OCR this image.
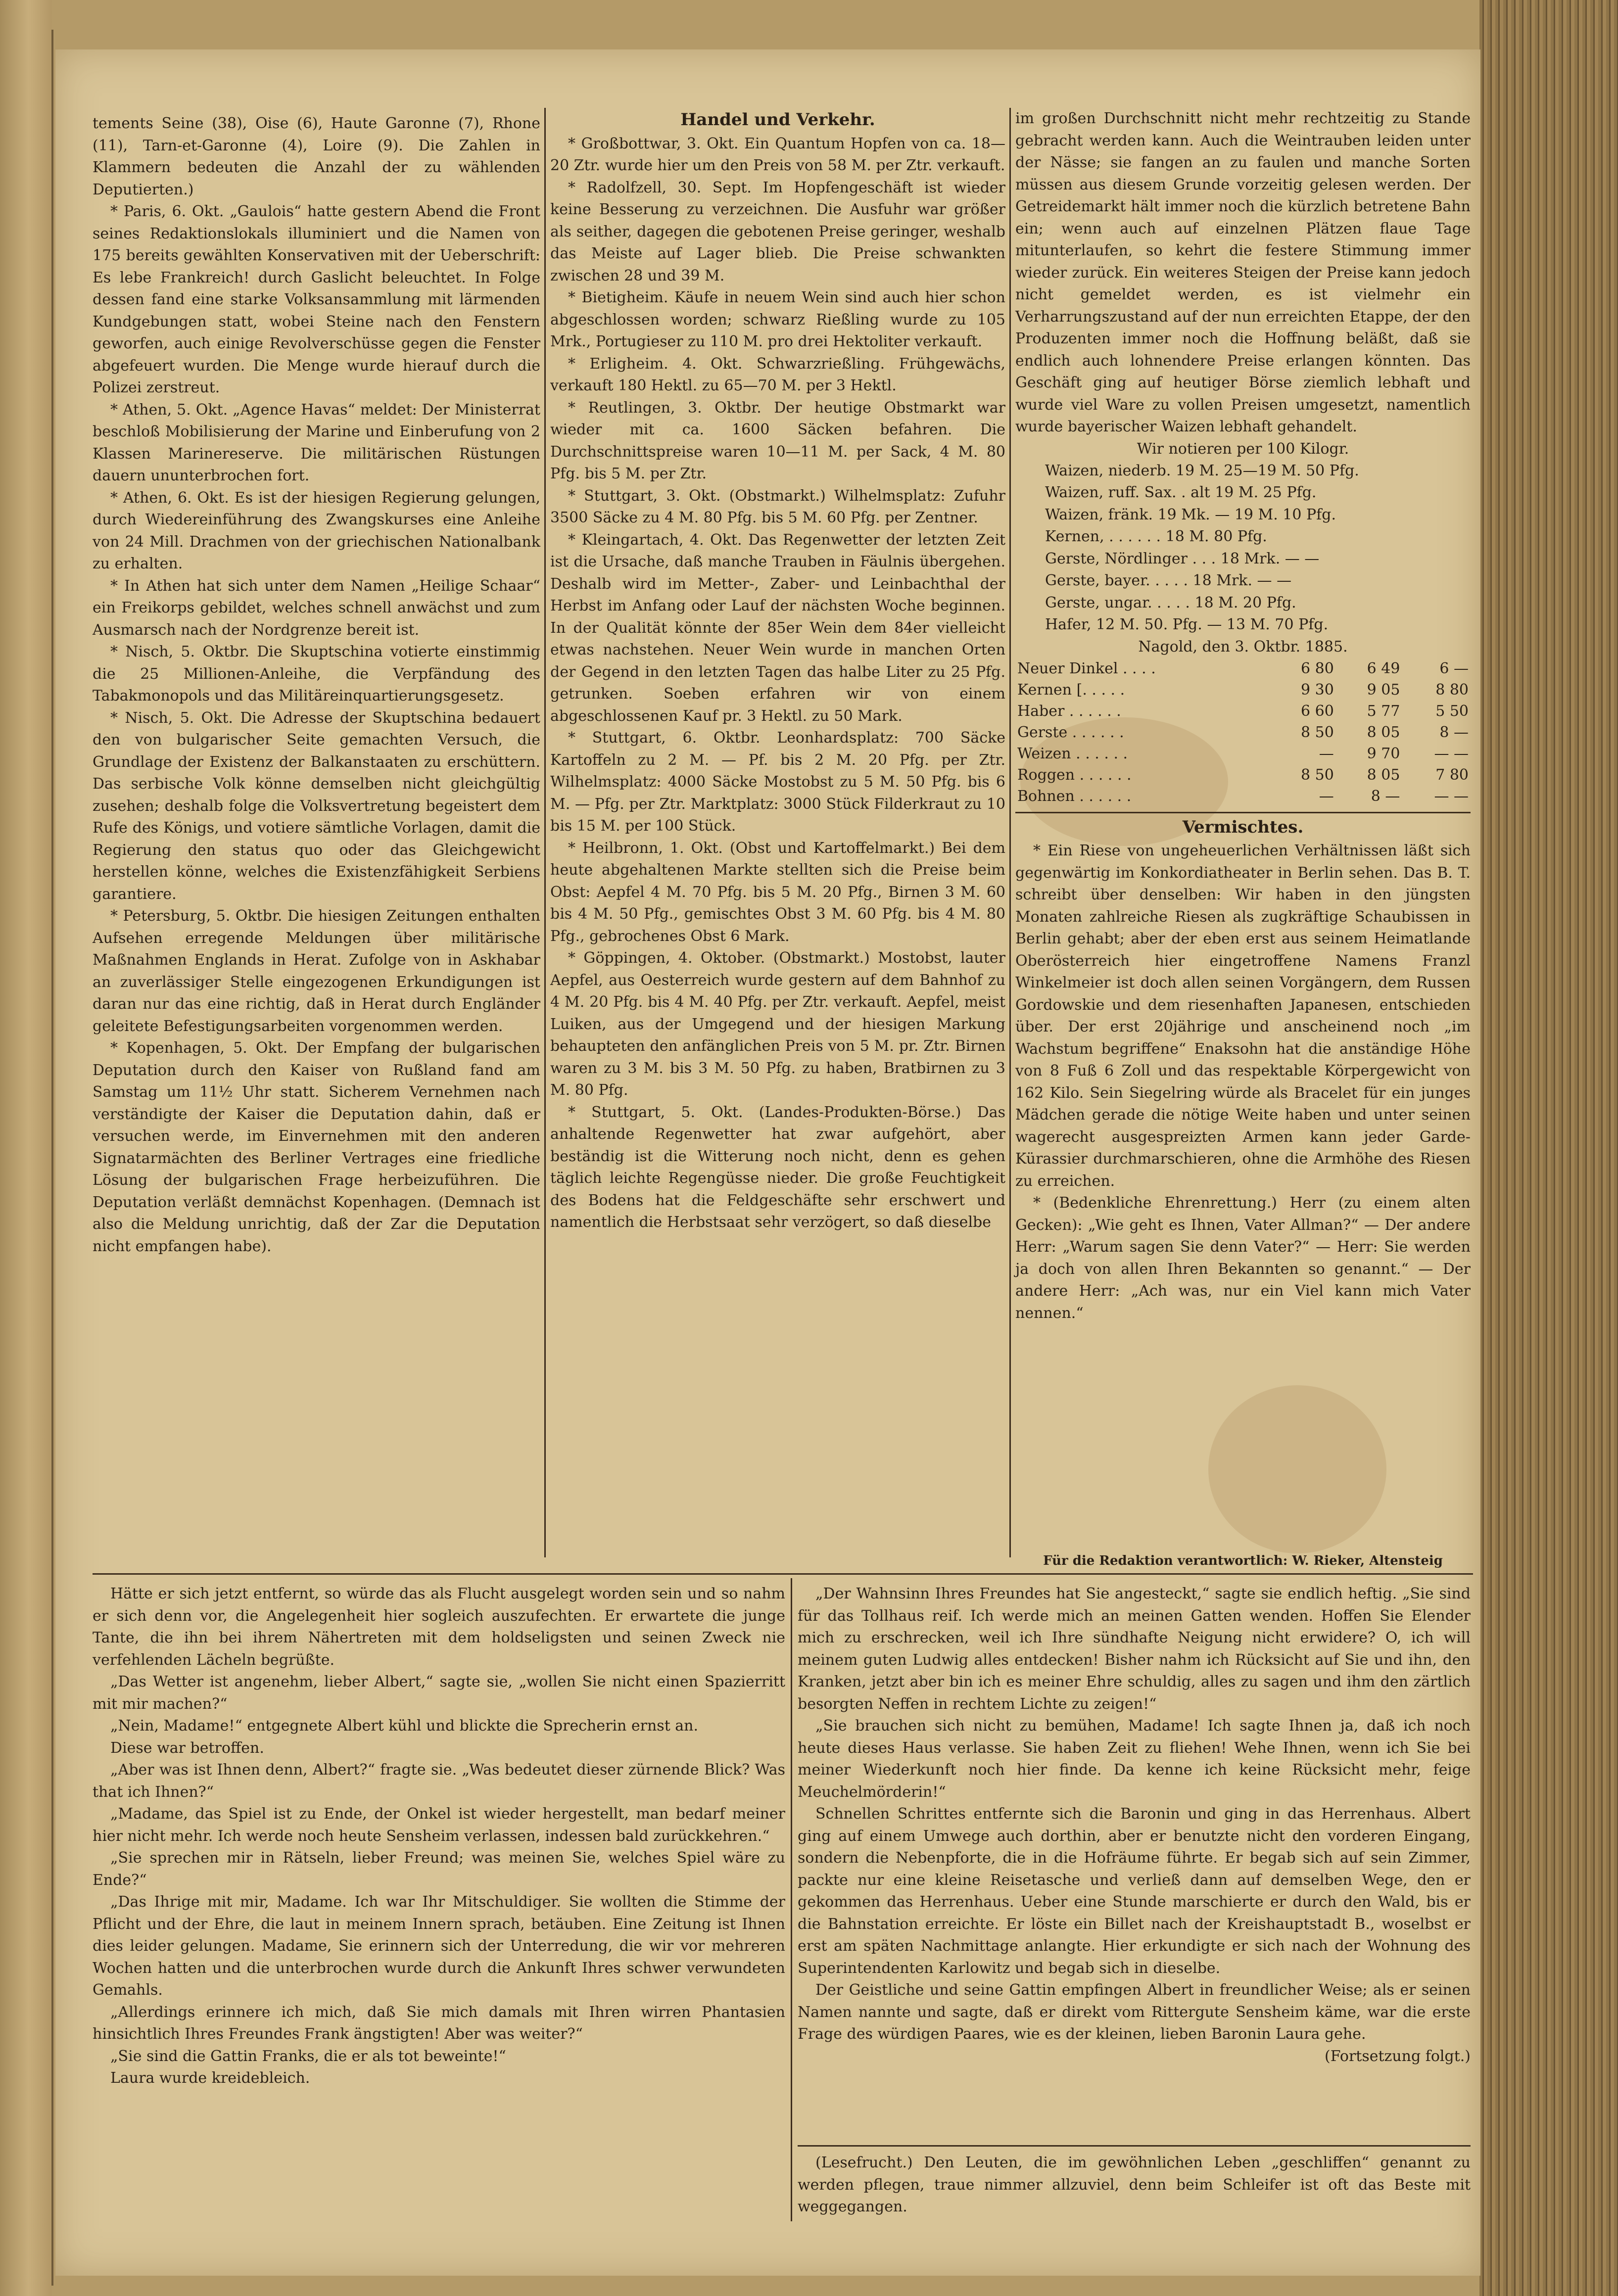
tements Seine (38), Oise (6), Haute Garonne (7), Rhone (11), Tarn-et-Garonne (4), Loire (9). Die Zahlen in Klammern bedeuten die Anzahl der zu wählenden Deputierten.)

* Paris, 6. Okt. „Gaulois“ hatte gestern Abend die Front seines Redaktionslokals illuminiert und die Namen von 175 bereits gewählten Konservativen mit der Ueberschrift: Es lebe Frankreich! durch Gaslicht beleuchtet. In Folge dessen fand eine starke Volksansammlung mit lärmenden Kundgebungen statt, wobei Steine nach den Fenstern geworfen, auch einige Revolverschüsse gegen die Fenster abgefeuert wurden. Die Menge wurde hierauf durch die Polizei zerstreut.

* Athen, 5. Okt. „Agence Havas“ meldet: Der Ministerrat beschloß Mobilisierung der Marine und Einberufung von 2 Klassen Marinereserve. Die militärischen Rüstungen dauern ununterbrochen fort.

* Athen, 6. Okt. Es ist der hiesigen Regierung gelungen, durch Wiedereinführung des Zwangskurses eine Anleihe von 24 Mill. Drachmen von der griechischen Nationalbank zu erhalten.

* In Athen hat sich unter dem Namen „Heilige Schaar“ ein Freikorps gebildet, welches schnell anwächst und zum Ausmarsch nach der Nordgrenze bereit ist.

* Nisch, 5. Oktbr. Die Skuptschina votierte einstimmig die 25 Millionen-Anleihe, die Verpfändung des Tabakmonopols und das Militäreinquartierungsgesetz.

* Nisch, 5. Okt. Die Adresse der Skuptschina bedauert den von bulgarischer Seite gemachten Versuch, die Grundlage der Existenz der Balkanstaaten zu erschüttern. Das serbische Volk könne demselben nicht gleichgültig zusehen; deshalb folge die Volksvertretung begeistert dem Rufe des Königs, und votiere sämtliche Vorlagen, damit die Regierung den status quo oder das Gleichgewicht herstellen könne, welches die Existenzfähigkeit Serbiens garantiere.

* Petersburg, 5. Oktbr. Die hiesigen Zeitungen enthalten Aufsehen erregende Meldungen über militärische Maßnahmen Englands in Herat. Zufolge von in Askhabar an zuverlässiger Stelle eingezogenen Erkundigungen ist daran nur das eine richtig, daß in Herat durch Engländer geleitete Befestigungsarbeiten vorgenommen werden.

* Kopenhagen, 5. Okt. Der Empfang der bulgarischen Deputation durch den Kaiser von Rußland fand am Samstag um 11½ Uhr statt. Sicherem Vernehmen nach verständigte der Kaiser die Deputation dahin, daß er versuchen werde, im Einvernehmen mit den anderen Signatarmächten des Berliner Vertrages eine friedliche Lösung der bulgarischen Frage herbeizuführen. Die Deputation verläßt demnächst Kopenhagen. (Demnach ist also die Meldung unrichtig, daß der Zar die Deputation nicht empfangen habe).

Handel und Verkehr.

* Großbottwar, 3. Okt. Ein Quantum Hopfen von ca. 18—20 Ztr. wurde hier um den Preis von 58 M. per Ztr. verkauft.

* Radolfzell, 30. Sept. Im Hopfengeschäft ist wieder keine Besserung zu verzeichnen. Die Ausfuhr war größer als seither, dagegen die gebotenen Preise geringer, weshalb das Meiste auf Lager blieb. Die Preise schwankten zwischen 28 und 39 M.

* Bietigheim. Käufe in neuem Wein sind auch hier schon abgeschlossen worden; schwarz Rießling wurde zu 105 Mrk., Portugieser zu 110 M. pro drei Hektoliter verkauft.

* Erligheim. 4. Okt. Schwarzrießling. Frühgewächs, verkauft 180 Hektl. zu 65—70 M. per 3 Hektl.

* Reutlingen, 3. Oktbr. Der heutige Obstmarkt war wieder mit ca. 1600 Säcken befahren. Die Durchschnittspreise waren 10—11 M. per Sack, 4 M. 80 Pfg. bis 5 M. per Ztr.

* Stuttgart, 3. Okt. (Obstmarkt.) Wilhelmsplatz: Zufuhr 3500 Säcke zu 4 M. 80 Pfg. bis 5 M. 60 Pfg. per Zentner.

* Kleingartach, 4. Okt. Das Regenwetter der letzten Zeit ist die Ursache, daß manche Trauben in Fäulnis übergehen. Deshalb wird im Metter-, Zaber- und Leinbachthal der Herbst im Anfang oder Lauf der nächsten Woche beginnen. In der Qualität könnte der 85er Wein dem 84er vielleicht etwas nachstehen. Neuer Wein wurde in manchen Orten der Gegend in den letzten Tagen das halbe Liter zu 25 Pfg. getrunken. Soeben erfahren wir von einem abgeschlossenen Kauf pr. 3 Hektl. zu 50 Mark.

* Stuttgart, 6. Oktbr. Leonhardsplatz: 700 Säcke Kartoffeln zu 2 M. — Pf. bis 2 M. 20 Pfg. per Ztr. Wilhelmsplatz: 4000 Säcke Mostobst zu 5 M. 50 Pfg. bis 6 M. — Pfg. per Ztr. Marktplatz: 3000 Stück Filderkraut zu 10 bis 15 M. per 100 Stück.

* Heilbronn, 1. Okt. (Obst und Kartoffelmarkt.) Bei dem heute abgehaltenen Markte stellten sich die Preise beim Obst: Aepfel 4 M. 70 Pfg. bis 5 M. 20 Pfg., Birnen 3 M. 60 bis 4 M. 50 Pfg., gemischtes Obst 3 M. 60 Pfg. bis 4 M. 80 Pfg., gebrochenes Obst 6 Mark.

* Göppingen, 4. Oktober. (Obstmarkt.) Mostobst, lauter Aepfel, aus Oesterreich wurde gestern auf dem Bahnhof zu 4 M. 20 Pfg. bis 4 M. 40 Pfg. per Ztr. verkauft. Aepfel, meist Luiken, aus der Umgegend und der hiesigen Markung behaupteten den anfänglichen Preis von 5 M. pr. Ztr. Birnen waren zu 3 M. bis 3 M. 50 Pfg. zu haben, Bratbirnen zu 3 M. 80 Pfg.

* Stuttgart, 5. Okt. (Landes-Produkten-Börse.) Das anhaltende Regenwetter hat zwar aufgehört, aber beständig ist die Witterung noch nicht, denn es gehen täglich leichte Regengüsse nieder. Die große Feuchtigkeit des Bodens hat die Feldgeschäfte sehr erschwert und namentlich die Herbstsaat sehr verzögert, so daß dieselbe

im großen Durchschnitt nicht mehr rechtzeitig zu Stande gebracht werden kann. Auch die Weintrauben leiden unter der Nässe; sie fangen an zu faulen und manche Sorten müssen aus diesem Grunde vorzeitig gelesen werden. Der Getreidemarkt hält immer noch die kürzlich betretene Bahn ein; wenn auch auf einzelnen Plätzen flaue Tage mitunterlaufen, so kehrt die festere Stimmung immer wieder zurück. Ein weiteres Steigen der Preise kann jedoch nicht gemeldet werden, es ist vielmehr ein Verharrungszustand auf der nun erreichten Etappe, der den Produzenten immer noch die Hoffnung beläßt, daß sie endlich auch lohnendere Preise erlangen könnten. Das Geschäft ging auf heutiger Börse ziemlich lebhaft und wurde viel Ware zu vollen Preisen umgesetzt, namentlich wurde bayerischer Waizen lebhaft gehandelt.

Wir notieren per 100 Kilogr.
Waizen, niederb. 19 M. 25—19 M. 50 Pfg.
Waizen, ruff. Sax. . alt 19 M. 25 Pfg.
Waizen, fränk. 19 Mk. — 19 M. 10 Pfg.
Kernen, . . . . . . 18 M. 80 Pfg.
Gerste, Nördlinger . . . 18 Mrk. — —
Gerste, bayer. . . . . 18 Mrk. — —
Gerste, ungar. . . . . 18 M. 20 Pfg.
Hafer, 12 M. 50. Pfg. — 13 M. 70 Pfg.
Nagold, den 3. Oktbr. 1885.
Neuer Dinkel . . . .	6 80	6 49	6 —
Kernen [. . . . .	9 30	9 05	8 80
Haber . . . . . .	6 60	5 77	5 50
Gerste . . . . . .	8 50	8 05	8 —
Weizen . . . . . .	—	9 70	— —
Roggen . . . . . .	8 50	8 05	7 80
Bohnen . . . . . .	—	8 —	— —
Vermischtes.

* Ein Riese von ungeheuerlichen Verhältnissen läßt sich gegenwärtig im Konkordiatheater in Berlin sehen. Das B. T. schreibt über denselben: Wir haben in den jüngsten Monaten zahlreiche Riesen als zugkräftige Schaubissen in Berlin gehabt; aber der eben erst aus seinem Heimatlande Oberösterreich hier eingetroffene Namens Franzl Winkelmeier ist doch allen seinen Vorgängern, dem Russen Gordowskie und dem riesenhaften Japanesen, entschieden über. Der erst 20jährige und anscheinend noch „im Wachstum begriffene“ Enaksohn hat die anständige Höhe von 8 Fuß 6 Zoll und das respektable Körpergewicht von 162 Kilo. Sein Siegelring würde als Bracelet für ein junges Mädchen gerade die nötige Weite haben und unter seinen wagerecht ausgespreizten Armen kann jeder Garde-Kürassier durchmarschieren, ohne die Armhöhe des Riesen zu erreichen.

* (Bedenkliche Ehrenrettung.) Herr (zu einem alten Gecken): „Wie geht es Ihnen, Vater Allman?“ — Der andere Herr: „Warum sagen Sie denn Vater?“ — Herr: Sie werden ja doch von allen Ihren Bekannten so genannt.“ — Der andere Herr: „Ach was, nur ein Viel kann mich Vater nennen.“

Für die Redaktion verantwortlich: W. Rieker, Altensteig

Hätte er sich jetzt entfernt, so würde das als Flucht ausgelegt worden sein und so nahm er sich denn vor, die Angelegenheit hier sogleich auszufechten. Er erwartete die junge Tante, die ihn bei ihrem Nähertreten mit dem holdseligsten und seinen Zweck nie verfehlenden Lächeln begrüßte.

„Das Wetter ist angenehm, lieber Albert,“ sagte sie, „wollen Sie nicht einen Spazierritt mit mir machen?“

„Nein, Madame!“ entgegnete Albert kühl und blickte die Sprecherin ernst an.

Diese war betroffen.

„Aber was ist Ihnen denn, Albert?“ fragte sie. „Was bedeutet dieser zürnende Blick? Was that ich Ihnen?“

„Madame, das Spiel ist zu Ende, der Onkel ist wieder hergestellt, man bedarf meiner hier nicht mehr. Ich werde noch heute Sensheim verlassen, indessen bald zurückkehren.“

„Sie sprechen mir in Rätseln, lieber Freund; was meinen Sie, welches Spiel wäre zu Ende?“

„Das Ihrige mit mir, Madame. Ich war Ihr Mitschuldiger. Sie wollten die Stimme der Pflicht und der Ehre, die laut in meinem Innern sprach, betäuben. Eine Zeitung ist Ihnen dies leider gelungen. Madame, Sie erinnern sich der Unterredung, die wir vor mehreren Wochen hatten und die unterbrochen wurde durch die Ankunft Ihres schwer verwundeten Gemahls.

„Allerdings erinnere ich mich, daß Sie mich damals mit Ihren wirren Phantasien hinsichtlich Ihres Freundes Frank ängstigten! Aber was weiter?“

„Sie sind die Gattin Franks, die er als tot beweinte!“

Laura wurde kreidebleich.

„Der Wahnsinn Ihres Freundes hat Sie angesteckt,“ sagte sie endlich heftig. „Sie sind für das Tollhaus reif. Ich werde mich an meinen Gatten wenden. Hoffen Sie Elender mich zu erschrecken, weil ich Ihre sündhafte Neigung nicht erwidere? O, ich will meinem guten Ludwig alles entdecken! Bisher nahm ich Rücksicht auf Sie und ihn, den Kranken, jetzt aber bin ich es meiner Ehre schuldig, alles zu sagen und ihm den zärtlich besorgten Neffen in rechtem Lichte zu zeigen!“

„Sie brauchen sich nicht zu bemühen, Madame! Ich sagte Ihnen ja, daß ich noch heute dieses Haus verlasse. Sie haben Zeit zu fliehen! Wehe Ihnen, wenn ich Sie bei meiner Wiederkunft noch hier finde. Da kenne ich keine Rücksicht mehr, feige Meuchelmörderin!“

Schnellen Schrittes entfernte sich die Baronin und ging in das Herrenhaus. Albert ging auf einem Umwege auch dorthin, aber er benutzte nicht den vorderen Eingang, sondern die Nebenpforte, die in die Hofräume führte. Er begab sich auf sein Zimmer, packte nur eine kleine Reisetasche und verließ dann auf demselben Wege, den er gekommen das Herrenhaus. Ueber eine Stunde marschierte er durch den Wald, bis er die Bahnstation erreichte. Er löste ein Billet nach der Kreishauptstadt B., woselbst er erst am späten Nachmittage anlangte. Hier erkundigte er sich nach der Wohnung des Superintendenten Karlowitz und begab sich in dieselbe.

Der Geistliche und seine Gattin empfingen Albert in freundlicher Weise; als er seinen Namen nannte und sagte, daß er direkt vom Rittergute Sensheim käme, war die erste Frage des würdigen Paares, wie es der kleinen, lieben Baronin Laura gehe.

(Fortsetzung folgt.)

(Lesefrucht.) Den Leuten, die im gewöhnlichen Leben „geschliffen“ genannt zu werden pflegen, traue nimmer allzuviel, denn beim Schleifer ist oft das Beste mit weggegangen.
